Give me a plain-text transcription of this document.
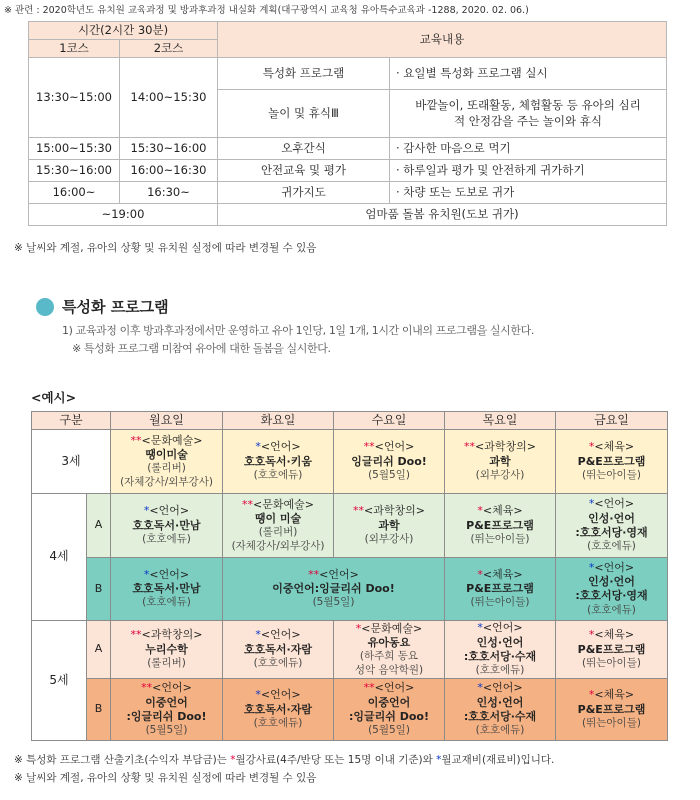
※ 관련 : 2020학년도 유치원 교육과정 및 방과후과정 내실화 계획(대구광역시 교육청 유아특수교육과 -1288, 2020. 02. 06.)
시간(2시간 30분)		교육내용	
1코스	2코스		
13:30~15:00	14:00~15:30	특성화 프로그램	· 요일별 특성화 프로그램 실시
		놀이 및 휴식Ⅲ	바깥놀이, 또래활동, 체험활동 등 유아의 심리적 안정감을 주는 놀이와 휴식
15:00~15:30	15:30~16:00	오후간식	· 감사한 마음으로 먹기
15:30~16:00	16:00~16:30	안전교육 및 평가	· 하루일과 평가 및 안전하게 귀가하기
16:00~	16:30~	귀가지도	· 차량 또는 도보로 귀가
~19:00		엄마품 돌봄 유치원(도보 귀가)	
※ 날씨와 계절, 유아의 상황 및 유치원 실정에 따라 변경될 수 있음
특성화 프로그램
1) 교육과정 이후 방과후과정에서만 운영하고 유아 1인당, 1일 1개, 1시간 이내의 프로그램을 실시한다.
※ 특성화 프로그램 미참여 유아에 대한 돌봄을 실시한다.
<예시>
구분		월요일	화요일	수요일	목요일	금요일
3세		**<문화예술>
땡이미술
(롤리버)
(자체강사/외부강사)	*<언어>
호호독서·키움
(호호에듀)	**<언어>
잉글리쉬 Doo!
(5월5일)	**<과학창의>
과학
(외부강사)	*<체육>
P&E프로그램
(뛰는아이들)

4세	A	*<언어>
호호독서·만남
(호호에듀)	**<문화예술>
땡이 미술
(롤리버)
(자체강사/외부강사)	**<과학창의>
과학
(외부강사)	*<체육>
P&E프로그램
(뛰는아이들)	*<언어>
인성·언어
:호호서당·영재
(호호에듀)

	B	*<언어>
호호독서·만남
(호호에듀)	**<언어>
이중언어:잉글리쉬 Doo!
(5월5일)		*<체육>
P&E프로그램
(뛰는아이들)	*<언어>
인성·언어
:호호서당·영재
(호호에듀)

5세	A	**<과학창의>
누리수학
(롤리버)	*<언어>
호호독서·자람
(호호에듀)	*<문화예술>
유아동요
(하주희 동요
성악 음악학원)	*<언어>
인성·언어
:호호서당·수재
(호호에듀)	*<체육>
P&E프로그램
(뛰는아이들)

	B	**<언어>
이중언어
:잉글리쉬 Doo!
(5월5일)	*<언어>
호호독서·자람
(호호에듀)	**<언어>
이중언어
:잉글리쉬 Doo!
(5월5일)	*<언어>
인성·언어
:호호서당·수재
(호호에듀)	*<체육>
P&E프로그램
(뛰는아이들)
※ 특성화 프로그램 산출기초(수익자 부담금)는 *월강사료(4주/반당 또는 15명 이내 기준)와 *월교재비(재료비)입니다.
※ 날씨와 계절, 유아의 상황 및 유치원 실정에 따라 변경될 수 있음
